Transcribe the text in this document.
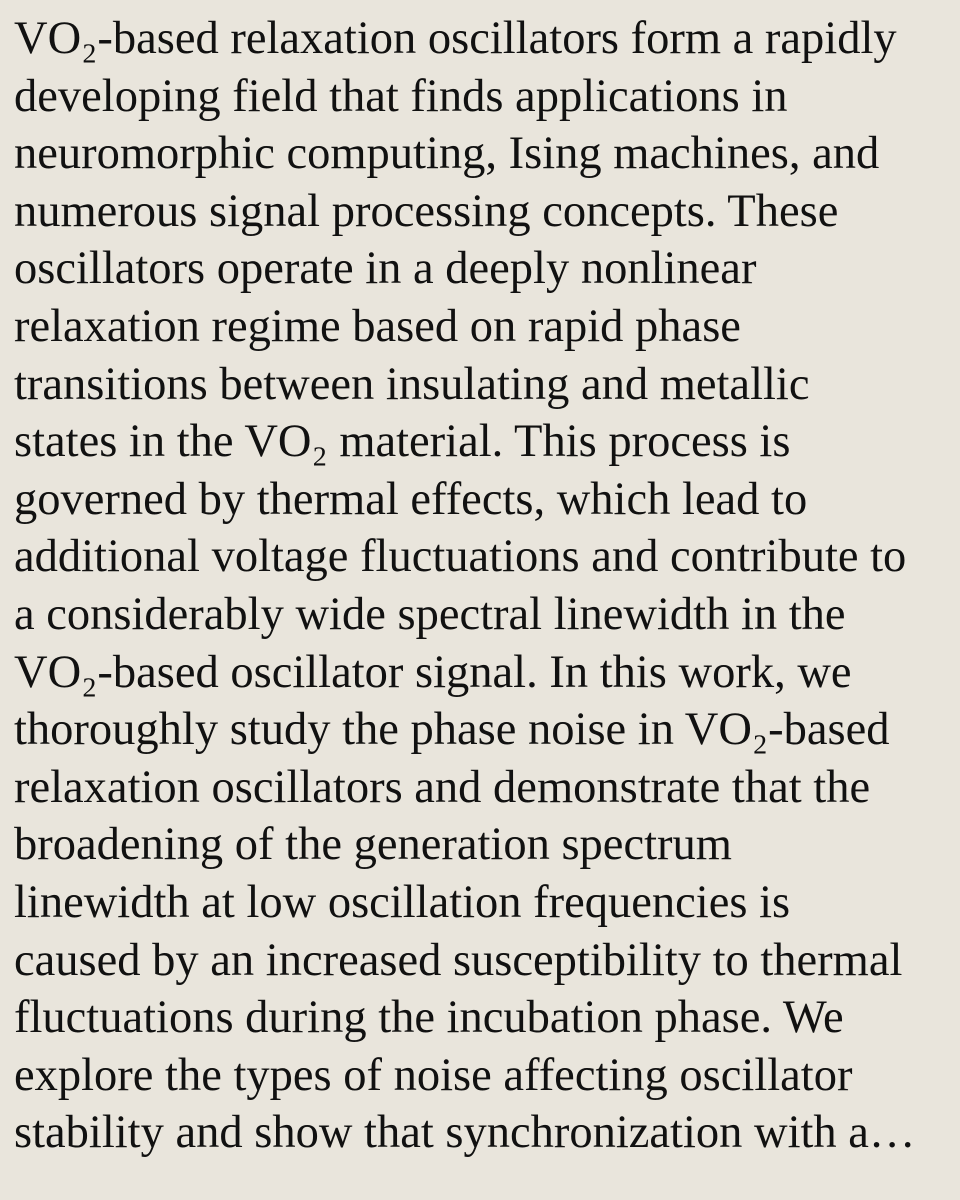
VO₂-based relaxation oscillators form a rapidly
developing field that finds applications in
neuromorphic computing, Ising machines, and
numerous signal processing concepts. These
oscillators operate in a deeply nonlinear
relaxation regime based on rapid phase
transitions between insulating and metallic
states in the VO₂ material. This process is
governed by thermal effects, which lead to
additional voltage fluctuations and contribute to
a considerably wide spectral linewidth in the
VO₂-based oscillator signal. In this work, we
thoroughly study the phase noise in VO₂-based
relaxation oscillators and demonstrate that the
broadening of the generation spectrum
linewidth at low oscillation frequencies is
caused by an increased susceptibility to thermal
fluctuations during the incubation phase. We
explore the types of noise affecting oscillator
stability and show that synchronization with a…
